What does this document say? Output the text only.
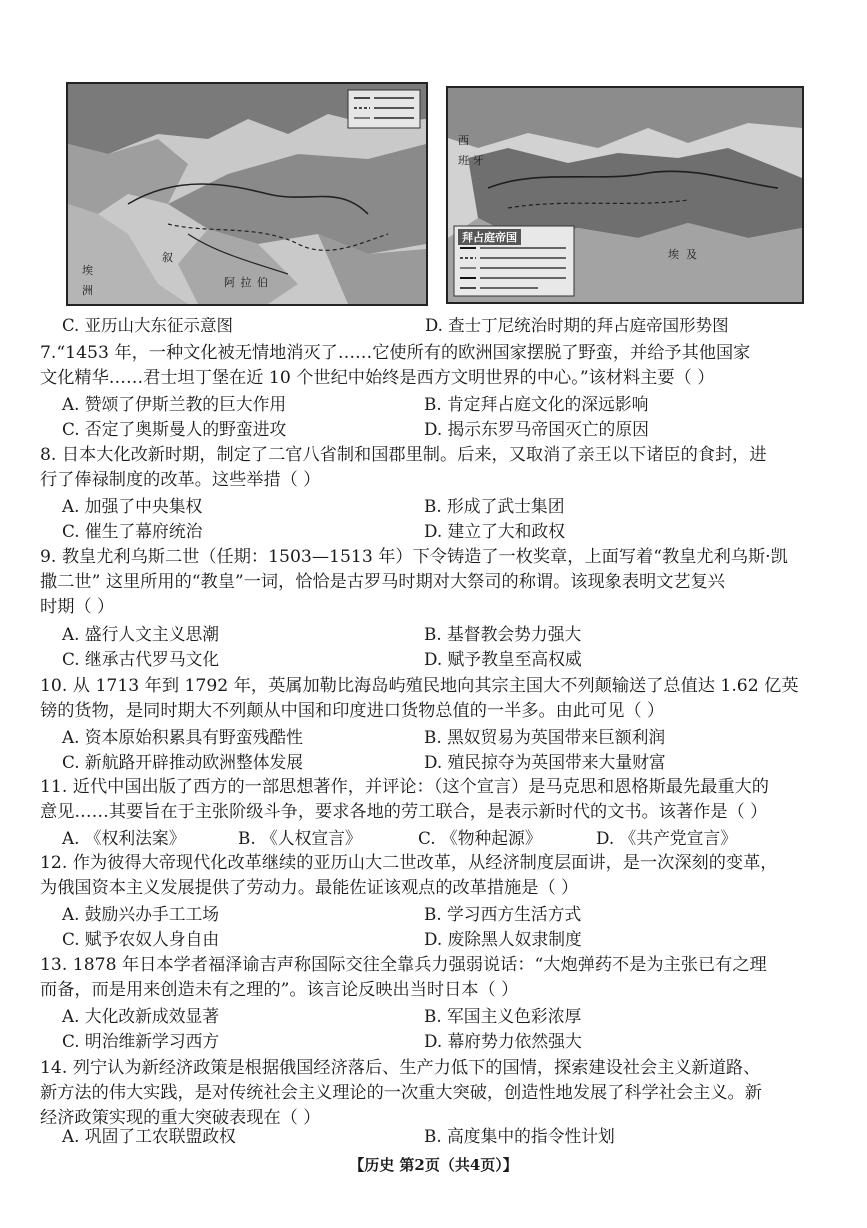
阿 拉 伯
埃
叙
洲
拜占庭帝国
西
班 牙
埃 及
C. 亚历山大东征示意图	D. 查士丁尼统治时期的拜占庭帝国形势图
7.“1453 年，一种文化被无情地消灭了……它使所有的欧洲国家摆脱了野蛮，并给予其他国家
文化精华……君士坦丁堡在近 10 个世纪中始终是西方文明世界的中心。”该材料主要（ ）
A. 赞颂了伊斯兰教的巨大作用	B. 肯定拜占庭文化的深远影响
C. 否定了奥斯曼人的野蛮进攻	D. 揭示东罗马帝国灭亡的原因
8. 日本大化改新时期，制定了二官八省制和国郡里制。后来，又取消了亲王以下诸臣的食封，进
行了俸禄制度的改革。这些举措（ ）
A. 加强了中央集权	B. 形成了武士集团
C. 催生了幕府统治	D. 建立了大和政权
9. 教皇尤利乌斯二世（任期：1503—1513 年）下令铸造了一枚奖章，上面写着“教皇尤利乌斯·凯
撒二世” 这里所用的“教皇”一词，恰恰是古罗马时期对大祭司的称谓。该现象表明文艺复兴
时期（ ）
A. 盛行人文主义思潮	B. 基督教会势力强大
C. 继承古代罗马文化	D. 赋予教皇至高权威
10. 从 1713 年到 1792 年，英属加勒比海岛屿殖民地向其宗主国大不列颠输送了总值达 1.62 亿英
镑的货物，是同时期大不列颠从中国和印度进口货物总值的一半多。由此可见（ ）
A. 资本原始积累具有野蛮残酷性	B. 黑奴贸易为英国带来巨额利润
C. 新航路开辟推动欧洲整体发展	D. 殖民掠夺为英国带来大量财富
11. 近代中国出版了西方的一部思想著作，并评论：（这个宣言）是马克思和恩格斯最先最重大的
意见……其要旨在于主张阶级斗争，要求各地的劳工联合，是表示新时代的文书。该著作是（ ）
A. 《权利法案》	B. 《人权宣言》	C. 《物种起源》	D. 《共产党宣言》
12. 作为彼得大帝现代化改革继续的亚历山大二世改革，从经济制度层面讲，是一次深刻的变革，
为俄国资本主义发展提供了劳动力。最能佐证该观点的改革措施是（ ）
A. 鼓励兴办手工工场	B. 学习西方生活方式
C. 赋予农奴人身自由	D. 废除黑人奴隶制度
13. 1878 年日本学者福泽谕吉声称国际交往全靠兵力强弱说话：“大炮弹药不是为主张已有之理
而备，而是用来创造未有之理的”。该言论反映出当时日本（ ）
A. 大化改新成效显著	B. 军国主义色彩浓厚
C. 明治维新学习西方	D. 幕府势力依然强大
14. 列宁认为新经济政策是根据俄国经济落后、生产力低下的国情，探索建设社会主义新道路、
新方法的伟大实践，是对传统社会主义理论的一次重大突破，创造性地发展了科学社会主义。新
经济政策实现的重大突破表现在（ ）
A. 巩固了工农联盟政权	B. 高度集中的指令性计划
【历史 第2页（共4页）】
